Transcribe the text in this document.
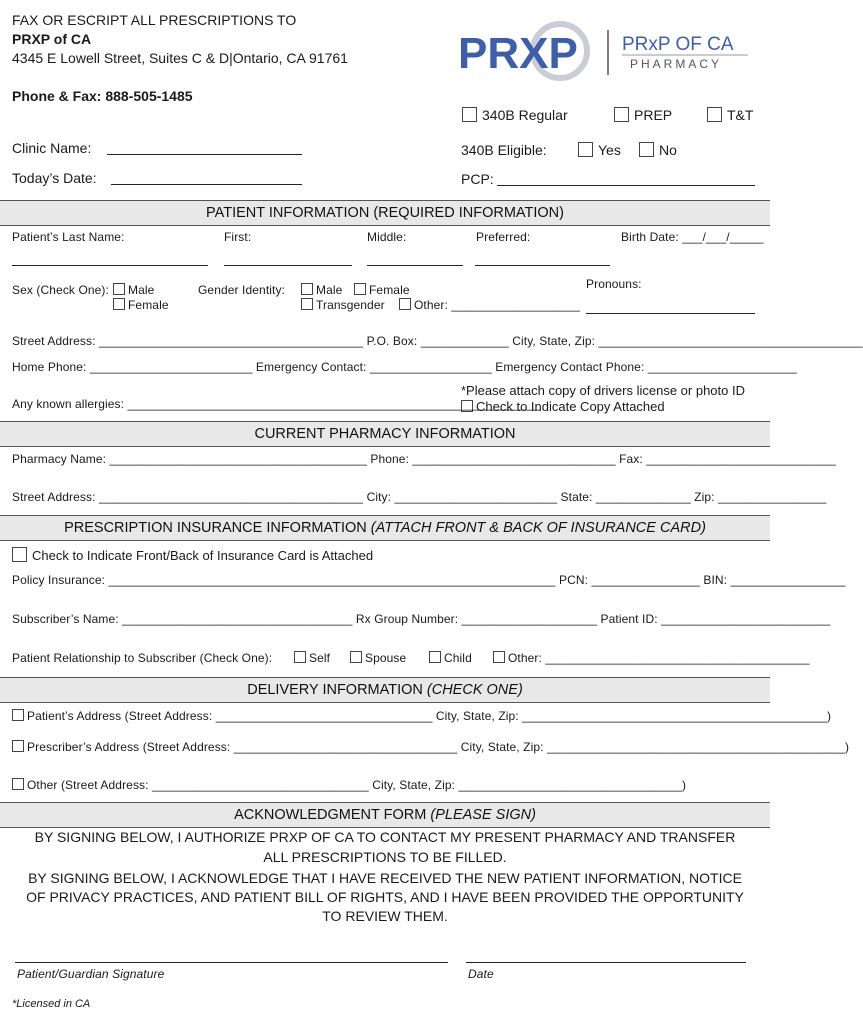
FAX OR ESCRIPT ALL PRESCRIPTIONS TO
PRXP of CA
4345 E Lowell Street, Suites C & D|Ontario, CA 91761
Phone & Fax: 888-505-1485
PRXP PRxP OF CA
PHARMACY
340B Regular	PREP	T&T
340B Eligible:	Yes	No
PCP:
Clinic Name:
Today’s Date:
PATIENT INFORMATION (REQUIRED INFORMATION)
Patient’s Last Name:	First:	Middle:	Preferred:	Birth Date: ___/___/_____
Sex (Check One):	Male
Female
Gender Identity:	Male	Female
Transgender	Other: ___________________
Pronouns:
Street Address: _______________________________________ P.O. Box: _____________ City, State, Zip: _______________________________________
Home Phone: ________________________ Emergency Contact: __________________ Emergency Contact Phone: ______________________
*Please attach copy of drivers license or photo ID
Check to Indicate Copy Attached
Any known allergies: _____________________________________________________________
CURRENT PHARMACY INFORMATION
Pharmacy Name: ______________________________________ Phone: ______________________________ Fax: ____________________________
Street Address: _______________________________________ City: ________________________ State: ______________ Zip: ________________
PRESCRIPTION INSURANCE INFORMATION (ATTACH FRONT & BACK OF INSURANCE CARD)
Check to Indicate Front/Back of Insurance Card is Attached
Policy Insurance: __________________________________________________________________ PCN: ________________ BIN: _________________
Subscriber’s Name: __________________________________ Rx Group Number: ____________________ Patient ID: _________________________
Patient Relationship to Subscriber (Check One):	Self	Spouse	Child	Other: _______________________________________
DELIVERY INFORMATION (CHECK ONE)
Patient’s Address (Street Address: ________________________________ City, State, Zip: _____________________________________________)
Prescriber’s Address (Street Address: _________________________________ City, State, Zip: ____________________________________________)
Other (Street Address: ________________________________ City, State, Zip: _________________________________)
ACKNOWLEDGMENT FORM (PLEASE SIGN)
BY SIGNING BELOW, I AUTHORIZE PRXP OF CA TO CONTACT MY PRESENT PHARMACY AND TRANSFER
ALL PRESCRIPTIONS TO BE FILLED.
BY SIGNING BELOW, I ACKNOWLEDGE THAT I HAVE RECEIVED THE NEW PATIENT INFORMATION, NOTICE
OF PRIVACY PRACTICES, AND PATIENT BILL OF RIGHTS, AND I HAVE BEEN PROVIDED THE OPPORTUNITY
TO REVIEW THEM.
Patient/Guardian Signature	Date
*Licensed in CA
